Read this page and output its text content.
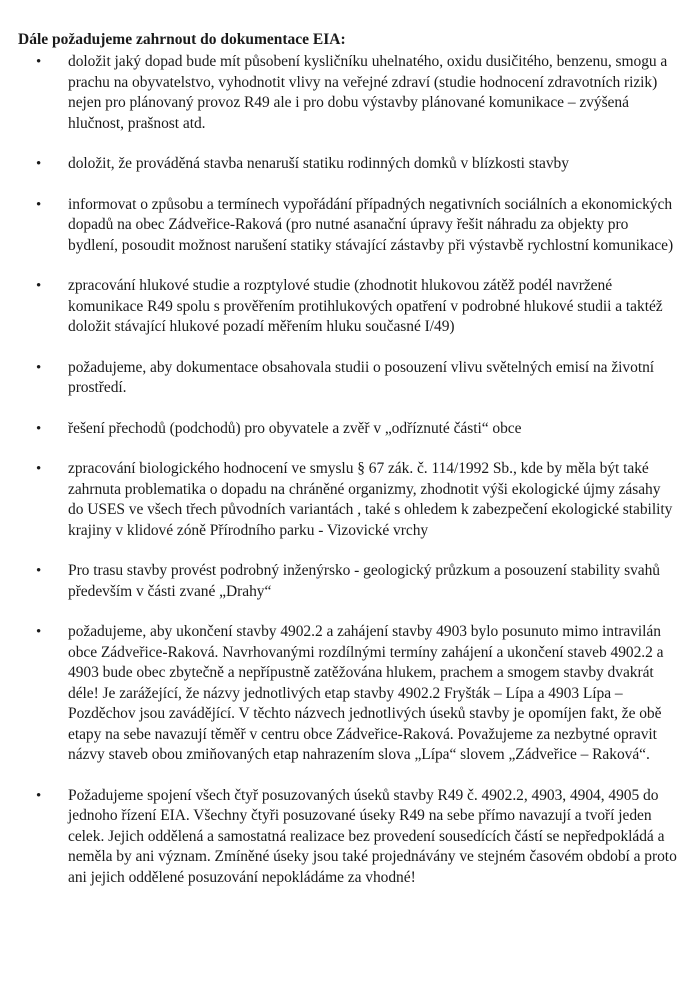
Dále požadujeme zahrnout do dokumentace EIA:
• doložit jaký dopad bude mít působení kysličníku uhelnatého, oxidu dusičitého, benzenu, smogu a prachu na obyvatelstvo, vyhodnotit vlivy na veřejné zdraví (studie hodnocení zdravotních rizik) nejen pro plánovaný provoz R49 ale i pro dobu výstavby plánované komunikace – zvýšená hlučnost, prašnost atd.
• doložit, že prováděná stavba nenaruší statiku rodinných domků v blízkosti stavby
• informovat o způsobu a termínech vypořádání případných negativních sociálních a ekonomických dopadů na obec Zádveřice-Raková (pro nutné asanační úpravy řešit náhradu za objekty pro bydlení, posoudit možnost narušení statiky stávající zástavby při výstavbě rychlostní komunikace)
• zpracování hlukové studie a rozptylové studie (zhodnotit hlukovou zátěž podél navržené komunikace R49 spolu s prověřením protihlukových opatření v podrobné hlukové studii a taktéž doložit stávající hlukové pozadí měřením hluku současné I/49)
• požadujeme, aby dokumentace obsahovala studii o posouzení vlivu světelných emisí na životní prostředí.
• řešení přechodů (podchodů) pro obyvatele a zvěř v „odříznuté části“ obce
• zpracování biologického hodnocení ve smyslu § 67 zák. č. 114/1992 Sb., kde by měla být také zahrnuta problematika o dopadu na chráněné organizmy, zhodnotit výši ekologické újmy zásahy do USES ve všech třech původních variantách , také s ohledem k zabezpečení ekologické stability krajiny v klidové zóně Přírodního parku - Vizovické vrchy
• Pro trasu stavby provést podrobný inženýrsko - geologický průzkum a posouzení stability svahů především v části zvané „Drahy“
• požadujeme, aby ukončení stavby 4902.2 a zahájení stavby 4903 bylo posunuto mimo intravilán obce Zádveřice-Raková. Navrhovanými rozdílnými termíny zahájení a ukončení staveb 4902.2 a 4903 bude obec zbytečně a nepřípustně zatěžována hlukem, prachem a smogem stavby dvakrát déle! Je zarážející, že názvy jednotlivých etap stavby 4902.2 Fryšták – Lípa a 4903 Lípa – Pozděchov jsou zavádějící. V těchto názvech jednotlivých úseků stavby je opomíjen fakt, že obě etapy na sebe navazují těměř v centru obce Zádveřice-Raková. Považujeme za nezbytné opravit názvy staveb obou zmiňovaných etap nahrazením slova „Lípa“ slovem „Zádveřice – Raková“.
• Požadujeme spojení všech čtyř posuzovaných úseků stavby R49 č. 4902.2, 4903, 4904, 4905 do jednoho řízení EIA. Všechny čtyři posuzované úseky R49 na sebe přímo navazují a tvoří jeden celek. Jejich oddělená a samostatná realizace bez provedení sousedících částí se nepředpokládá a neměla by ani význam. Zmíněné úseky jsou také projednávány ve stejném časovém období a proto ani jejich oddělené posuzování nepokládáme za vhodné!
